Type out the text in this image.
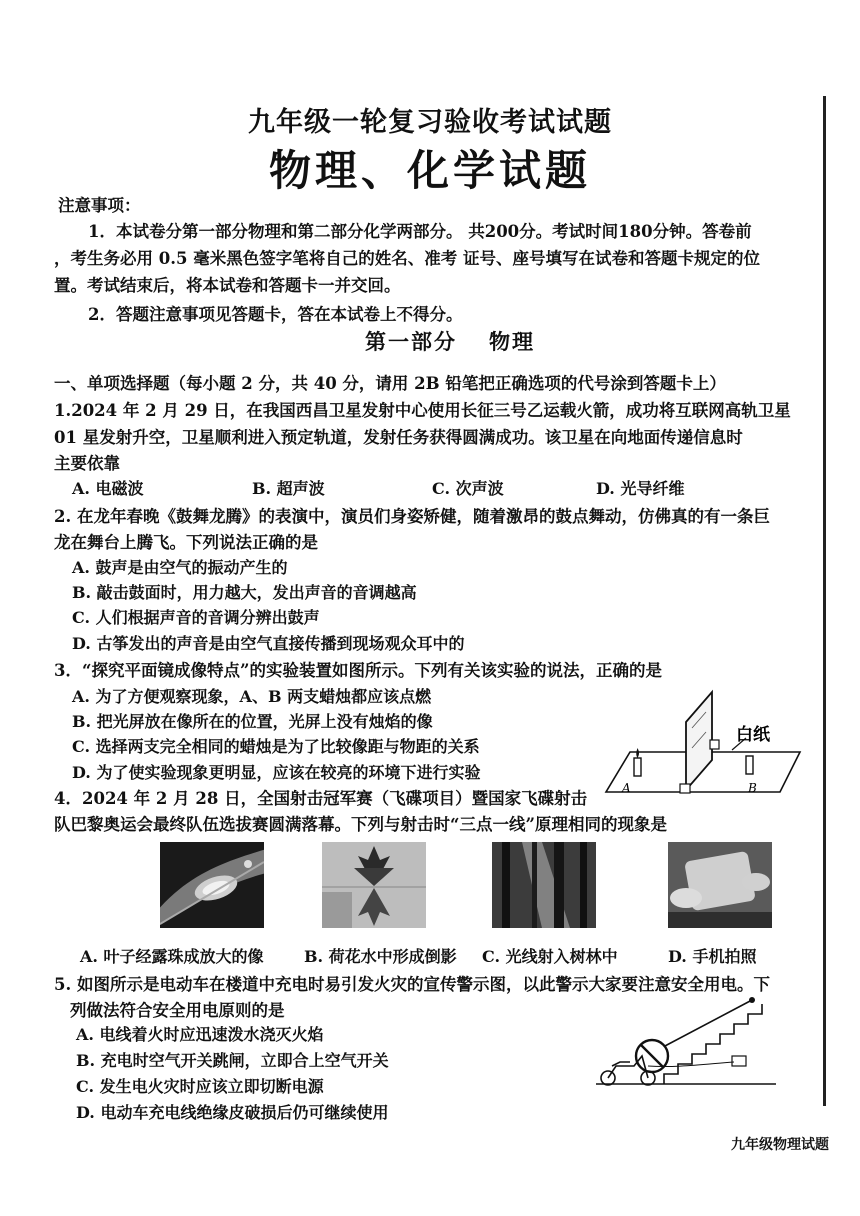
九年级一轮复习验收考试试题
物理、化学试题
注意事项：
1．本试卷分第一部分物理和第二部分化学两部分。 共200分。考试时间180分钟。答卷前
，考生务必用 0.5 毫米黑色签字笔将自己的姓名、准考 证号、座号填写在试卷和答题卡规定的位
置。考试结束后，将本试卷和答题卡一并交回。
2．答题注意事项见答题卡，答在本试卷上不得分。
第一部分 物理
一、单项选择题（每小题 2 分，共 40 分，请用 2B 铅笔把正确选项的代号涂到答题卡上）
1.2024 年 2 月 29 日，在我国西昌卫星发射中心使用长征三号乙运载火箭，成功将互联网高轨卫星
01 星发射升空，卫星顺利进入预定轨道，发射任务获得圆满成功。该卫星在向地面传递信息时
主要依靠
A. 电磁波	B. 超声波	C. 次声波	D. 光导纤维
2. 在龙年春晚《鼓舞龙腾》的表演中，演员们身姿矫健，随着激昂的鼓点舞动，仿佛真的有一条巨
龙在舞台上腾飞。下列说法正确的是
A. 鼓声是由空气的振动产生的
B. 敲击鼓面时，用力越大，发出声音的音调越高
C. 人们根据声音的音调分辨出鼓声
D. 古筝发出的声音是由空气直接传播到现场观众耳中的
3．“探究平面镜成像特点”的实验装置如图所示。下列有关该实验的说法，正确的是
A. 为了方便观察现象，A、B 两支蜡烛都应该点燃
B. 把光屏放在像所在的位置，光屏上没有烛焰的像
C. 选择两支完全相同的蜡烛是为了比较像距与物距的关系
D. 为了使实验现象更明显，应该在较亮的环境下进行实验
白纸
A	B
4．2024 年 2 月 28 日，全国射击冠军赛（飞碟项目）暨国家飞碟射击
队巴黎奥运会最终队伍选拔赛圆满落幕。下列与射击时“三点一线”原理相同的现象是
A. 叶子经露珠成放大的像	B. 荷花水中形成倒影 C. 光线射入树林中	D. 手机拍照
5. 如图所示是电动车在楼道中充电时易引发火灾的宣传警示图，以此警示大家要注意安全用电。下
列做法符合安全用电原则的是
A. 电线着火时应迅速泼水浇灭火焰
B. 充电时空气开关跳闸，立即合上空气开关
C. 发生电火灾时应该立即切断电源
D. 电动车充电线绝缘皮破损后仍可继续使用
九年级物理试题
